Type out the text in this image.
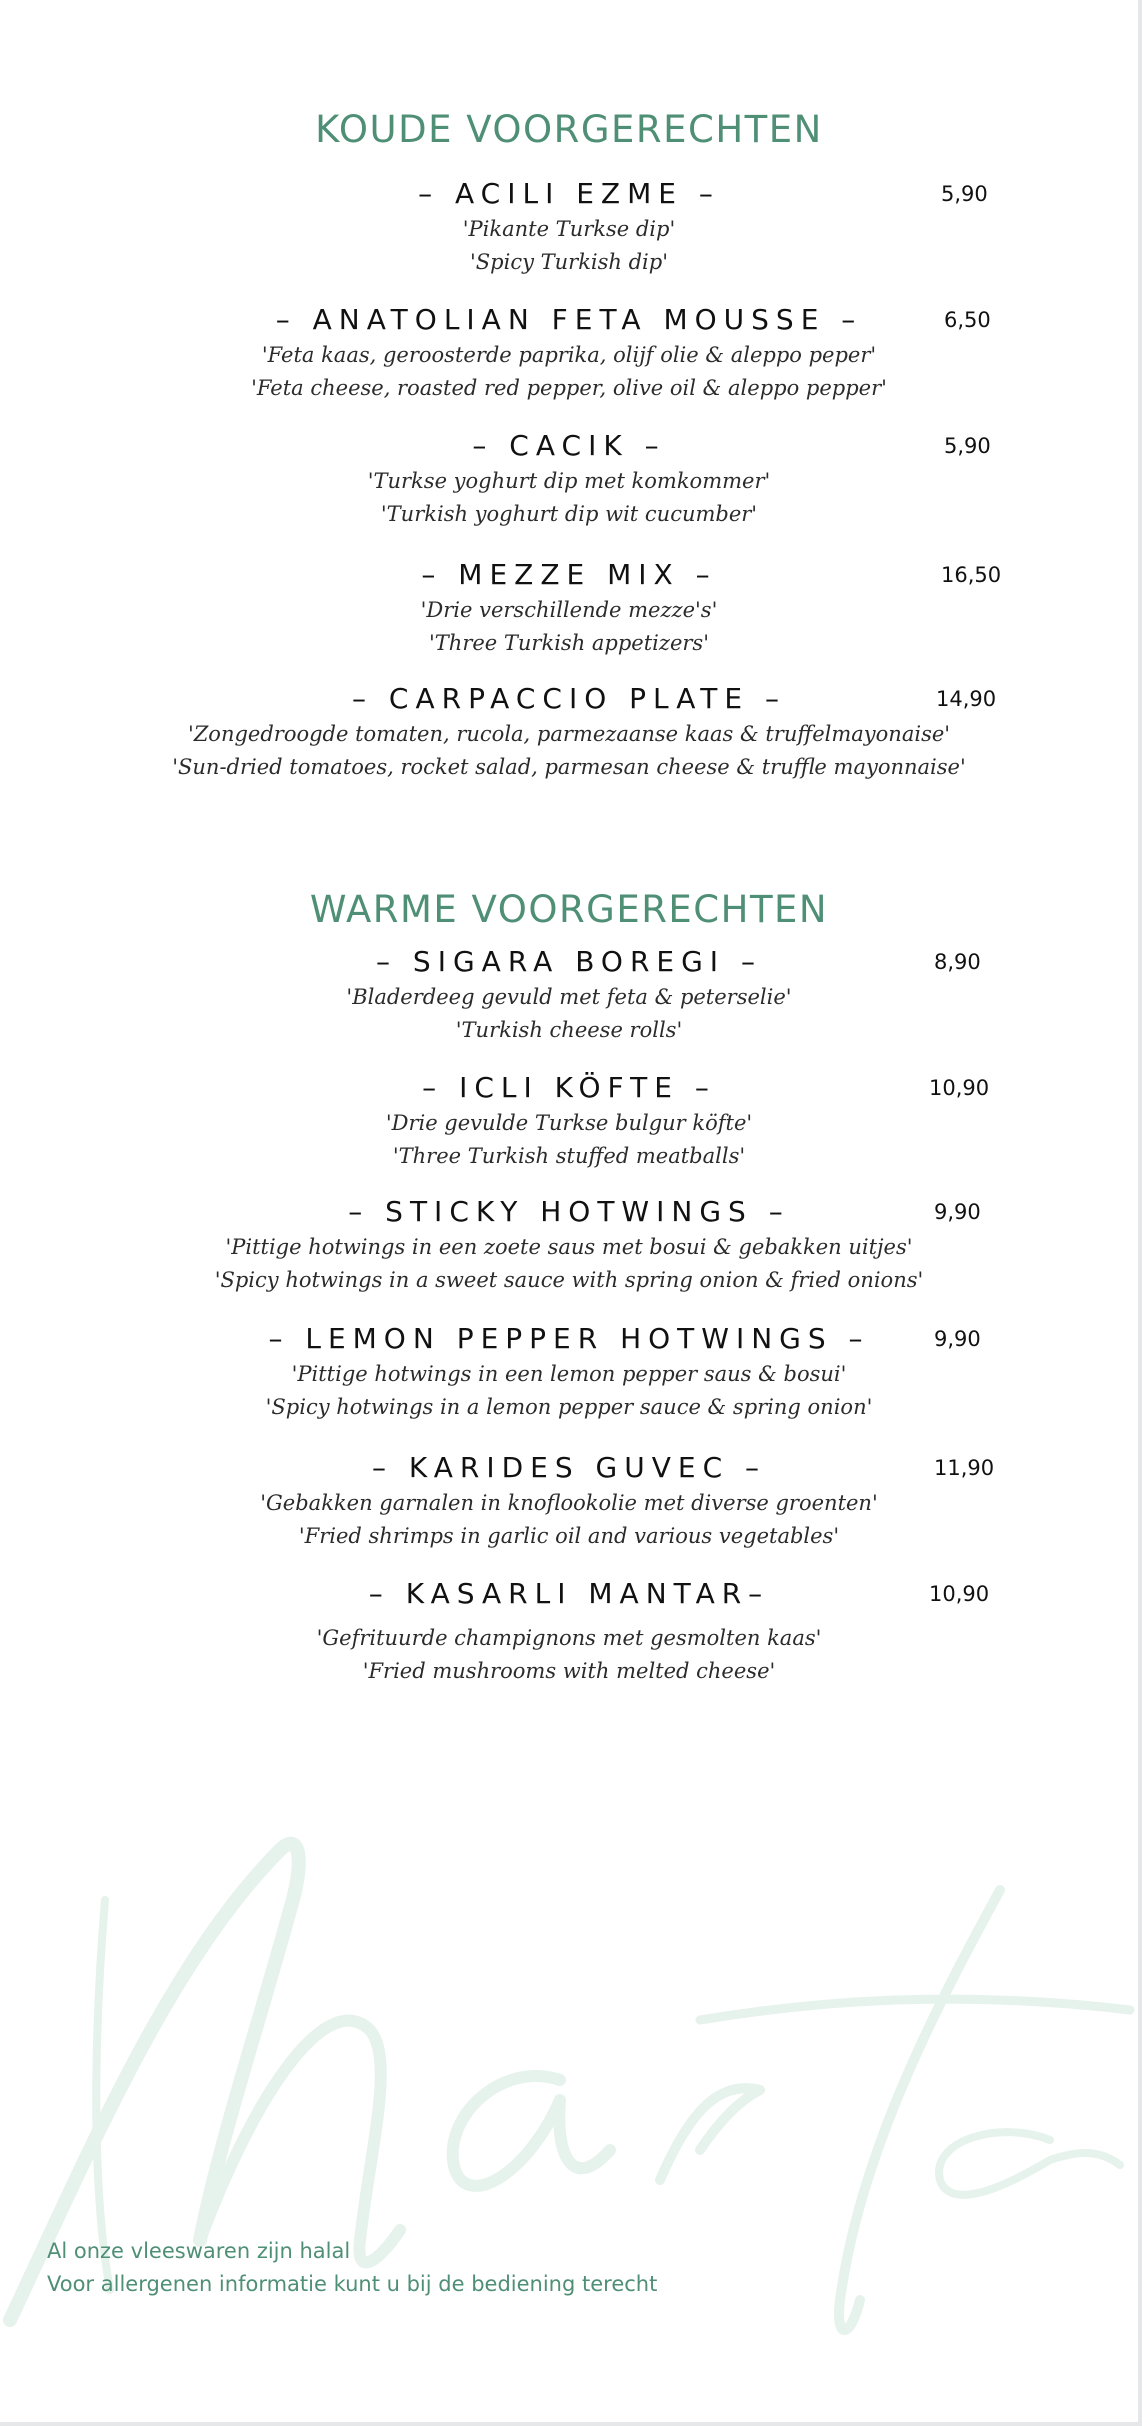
KOUDE VOORGERECHTEN
– ACILI EZME –	5,90
'Pikante Turkse dip'
'Spicy Turkish dip'
– ANATOLIAN FETA MOUSSE –	6,50
'Feta kaas, geroosterde paprika, olijf olie & aleppo peper'
'Feta cheese, roasted red pepper, olive oil & aleppo pepper'
– CACIK –	5,90
'Turkse yoghurt dip met komkommer'
'Turkish yoghurt dip wit cucumber'
– MEZZE MIX –	16,50
'Drie verschillende mezze's'
'Three Turkish appetizers'
– CARPACCIO PLATE –	14,90
'Zongedroogde tomaten, rucola, parmezaanse kaas & truffelmayonaise'
'Sun-dried tomatoes, rocket salad, parmesan cheese & truffle mayonnaise'
WARME VOORGERECHTEN
– SIGARA BOREGI –	8,90
'Bladerdeeg gevuld met feta & peterselie'
'Turkish cheese rolls'
– ICLI KÖFTE –	10,90
'Drie gevulde Turkse bulgur köfte'
'Three Turkish stuffed meatballs'
– STICKY HOTWINGS –	9,90
'Pittige hotwings in een zoete saus met bosui & gebakken uitjes'
'Spicy hotwings in a sweet sauce with spring onion & fried onions'
– LEMON PEPPER HOTWINGS –	9,90
'Pittige hotwings in een lemon pepper saus & bosui'
'Spicy hotwings in a lemon pepper sauce & spring onion'
– KARIDES GUVEC –	11,90
'Gebakken garnalen in knoflookolie met diverse groenten'
'Fried shrimps in garlic oil and various vegetables'
– KASARLI MANTAR–	10,90
'Gefrituurde champignons met gesmolten kaas'
'Fried mushrooms with melted cheese'
Al onze vleeswaren zijn halal
Voor allergenen informatie kunt u bij de bediening terecht
